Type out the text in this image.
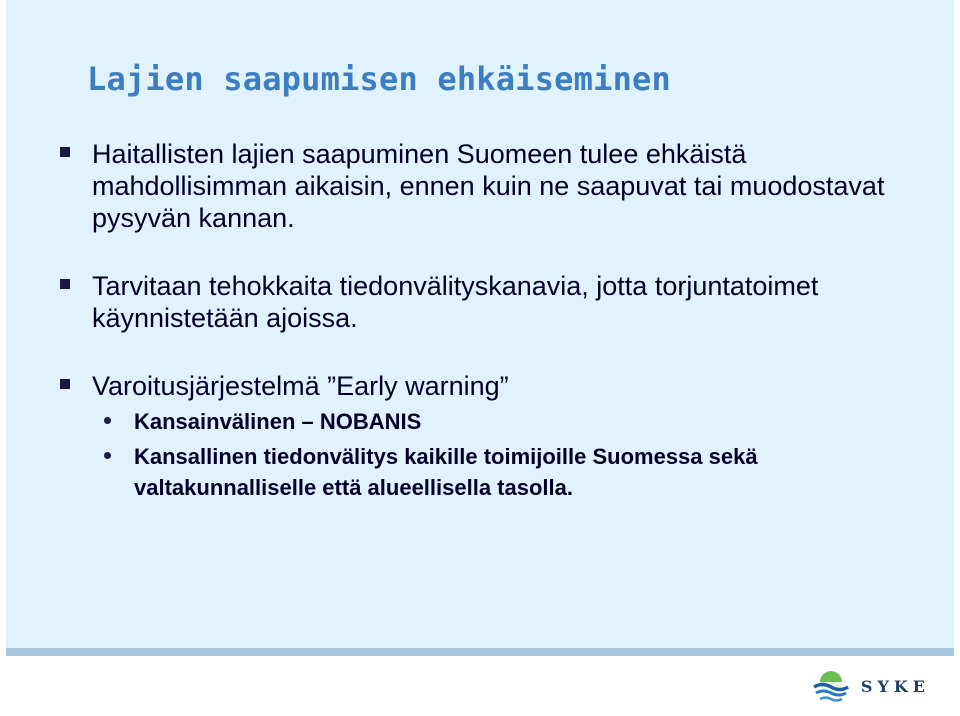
Lajien saapumisen ehkäiseminen
Haitallisten lajien saapuminen Suomeen tulee ehkäistä mahdollisimman aikaisin, ennen kuin ne saapuvat tai muodostavat pysyvän kannan.
Tarvitaan tehokkaita tiedonvälityskanavia, jotta torjuntatoimet käynnistetään ajoissa.
Varoitusjärjestelmä ”Early warning”
Kansainvälinen – NOBANIS
Kansallinen tiedonvälitys kaikille toimijoille Suomessa sekä valtakunnalliselle että alueellisella tasolla.
SYKE
